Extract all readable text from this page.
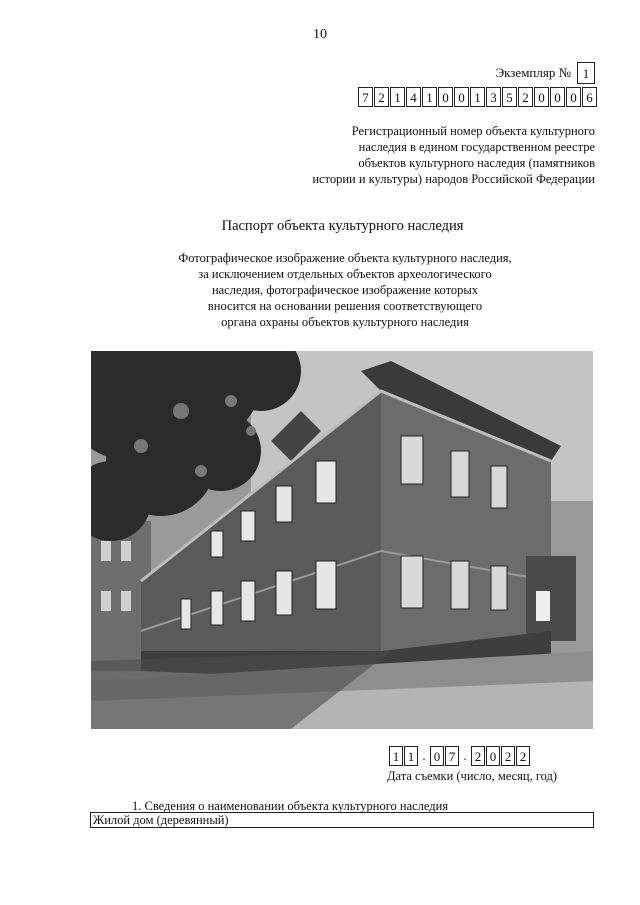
10
Экземпляр № 1
7 2 1 4 1 0 0 1 3 5 2 0 0 0 6
Регистрационный номер объекта культурного
наследия в едином государственном реестре
объектов культурного наследия (памятников
истории и культуры) народов Российской Федерации
Паспорт объекта культурного наследия
Фотографическое изображение объекта культурного наследия,
за исключением отдельных объектов археологического
наследия, фотографическое изображение которых
вносится на основании решения соответствующего
органа охраны объектов культурного наследия
1 1 . 0 7 . 2 0 2 2
Дата съемки (число, месяц, год)
1. Сведения о наименовании объекта культурного наследия
Жилой дом (деревянный)
